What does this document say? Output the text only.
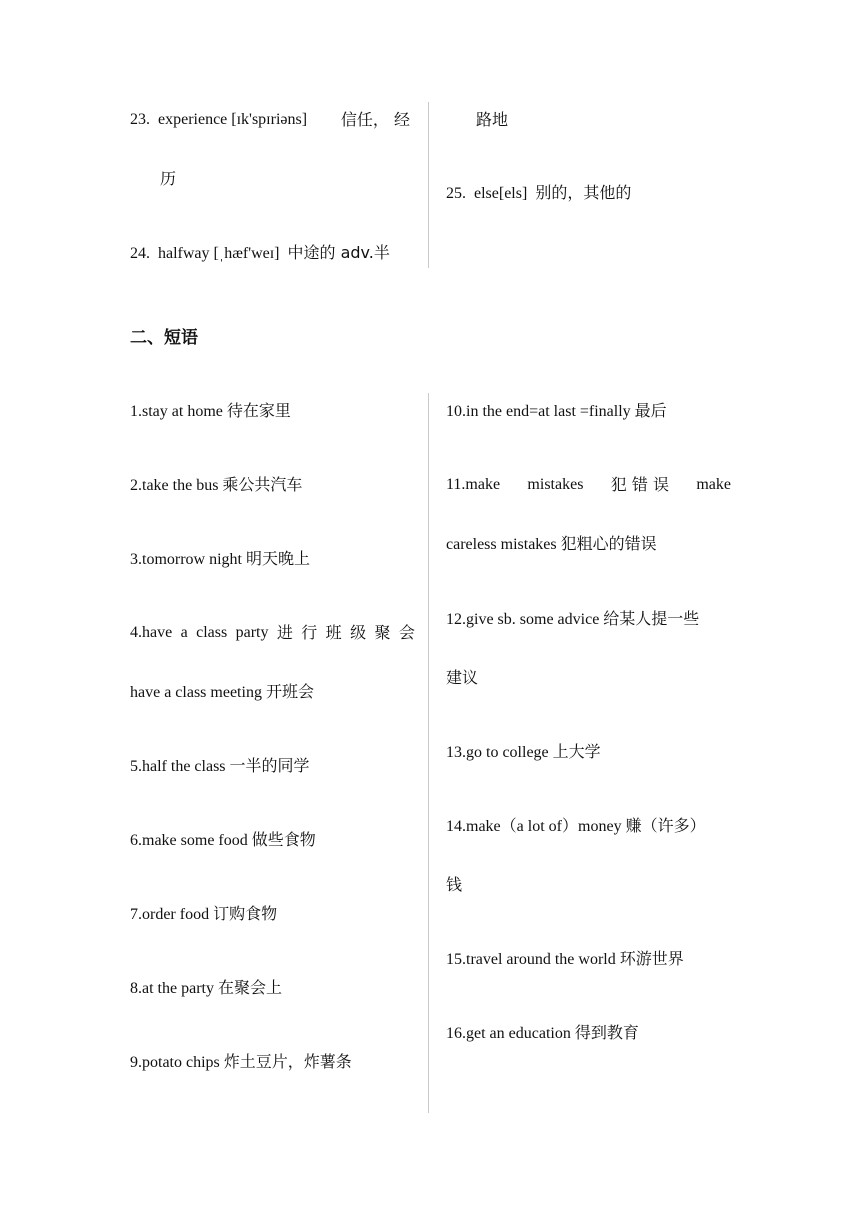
23. experience [ɪk'spɪriəns] 信任， 经
历
24. halfway [ˌhæf'weɪ] 中途的 adv.半
路地
25. else[els] 别的，其他的
二、短语
1.stay at home 待在家里
2.take the bus 乘公共汽车
3.tomorrow night 明天晚上
4.have a class party 进 行 班 级 聚 会
have a class meeting 开班会
5.half the class 一半的同学
6.make some food 做些食物
7.order food 订购食物
8.at the party 在聚会上
9.potato chips 炸土豆片，炸薯条
10.in the end=at last =finally 最后
11.make mistakes 犯 错 误 make
careless mistakes 犯粗心的错误
12.give sb. some advice 给某人提一些
建议
13.go to college 上大学
14.make（a lot of）money 赚（许多）
钱
15.travel around the world 环游世界
16.get an education 得到教育
